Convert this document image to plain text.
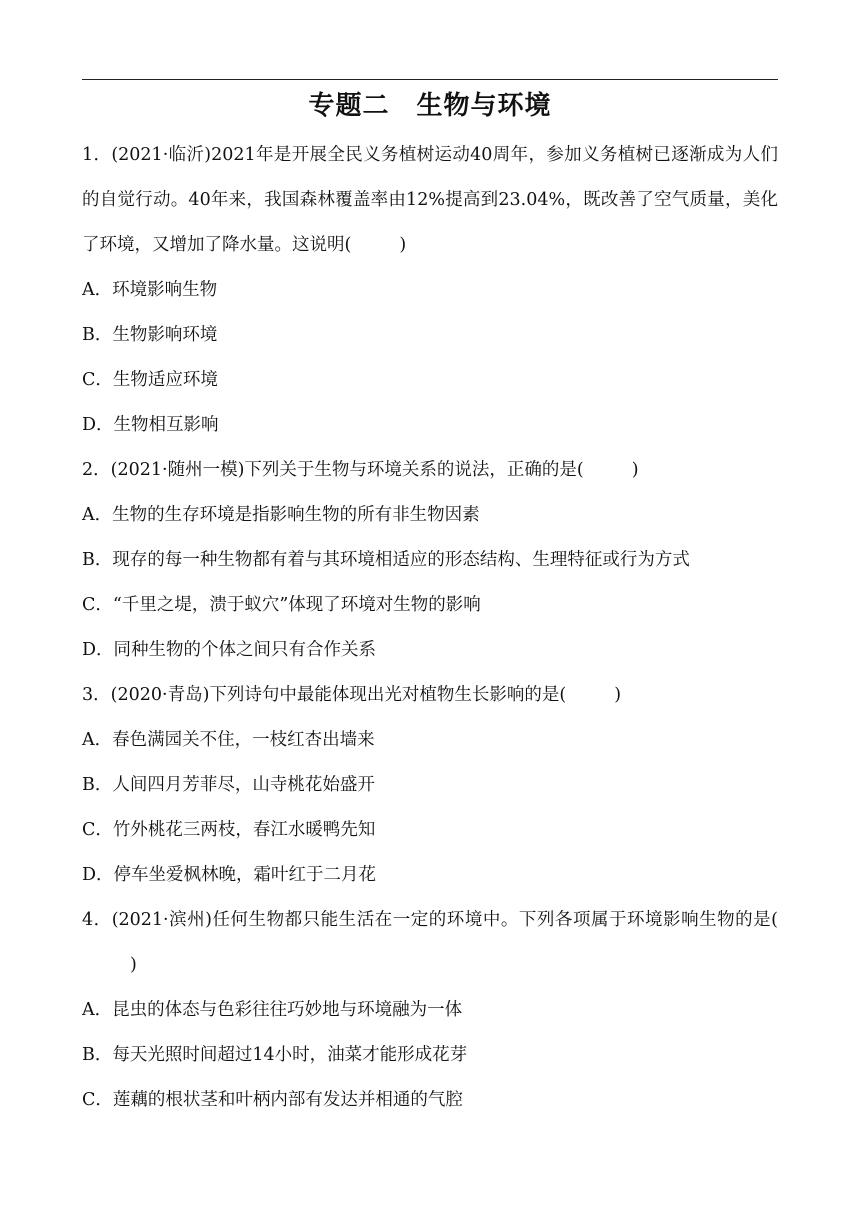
专题二　生物与环境

1．(2021·临沂)2021年是开展全民义务植树运动40周年，参加义务植树已逐渐成为人们的自觉行动。40年来，我国森林覆盖率由12%提高到23.04%，既改善了空气质量，美化了环境，又增加了降水量。这说明(	)

A．环境影响生物

B．生物影响环境

C．生物适应环境

D．生物相互影响

2．(2021·随州一模)下列关于生物与环境关系的说法，正确的是(	)

A．生物的生存环境是指影响生物的所有非生物因素

B．现存的每一种生物都有着与其环境相适应的形态结构、生理特征或行为方式

C．“千里之堤，溃于蚁穴”体现了环境对生物的影响

D．同种生物的个体之间只有合作关系

3．(2020·青岛)下列诗句中最能体现出光对植物生长影响的是(	)

A．春色满园关不住，一枝红杏出墙来

B．人间四月芳菲尽，山寺桃花始盛开

C．竹外桃花三两枝，春江水暖鸭先知

D．停车坐爱枫林晚，霜叶红于二月花

4．(2021·滨州)任何生物都只能生活在一定的环境中。下列各项属于环境影响生物的是()

A．昆虫的体态与色彩往往巧妙地与环境融为一体

B．每天光照时间超过14小时，油菜才能形成花芽

C．莲藕的根状茎和叶柄内部有发达并相通的气腔
